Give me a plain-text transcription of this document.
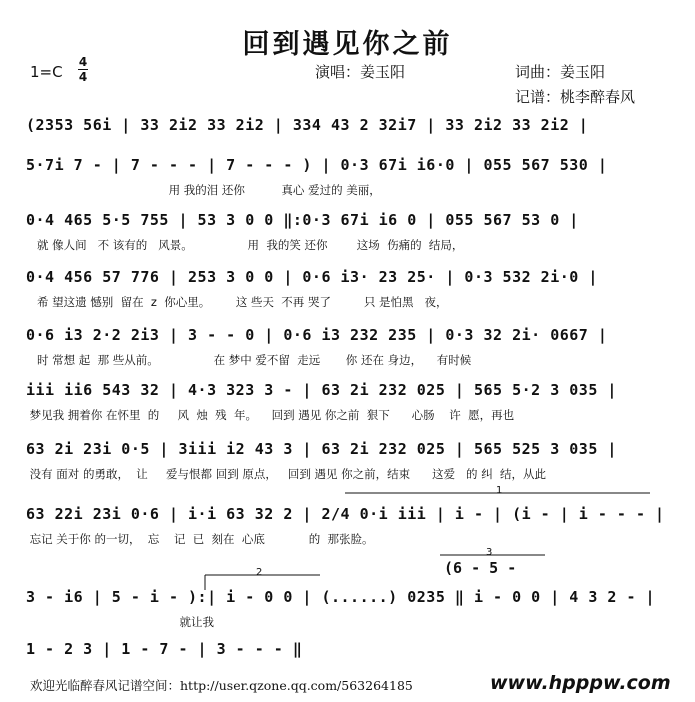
回到遇见你之前
1=C
4
4	演唱：姜玉阳	词曲：姜玉阳
记谱：桃李醉春风
(2353 56i | 33 2i2 33 2i2 | 334 43 2 32i7 | 33 2i2 33 2i2 |
5·7i 7 - | 7 - - - | 7 - - - ) | 0·3 67i i6·0 | 055 567 530 |
用 我的泪 还你          真心 爱过的 美丽，
0·4 465 5·5 755 | 53 3 0 0 ‖:0·3 67i i6 0 | 055 567 53 0 |
就 像人间   不 该有的   风景。               用  我的笑 还你        这场  伤痛的  结局，
0·4 456 57 776 | 253 3 0 0 | 0·6 i3· 23 25· | 0·3 532 2i·0 |
希 望这遗 憾别  留在  z  你心里。       这 些天  不再 哭了         只 是怕黑   夜，
0·6 i3 2·2 2i3 | 3 - - 0 | 0·6 i3 232 235 | 0·3 32 2i· 0667 |
时 常想 起  那 些从前。               在 梦中 爱不留  走远       你 还在 身边，    有时候
iii ii6 543 32 | 4·3 323 3 - | 63 2i 232 025 | 565 5·2 3 035 |
梦见我 拥着你 在怀里  的     风  烛  残  年。    回到 遇见 你之前  狠下      心肠    许  愿，再也
63 2i 23i 0·5 | 3iii i2 43 3 | 63 2i 232 025 | 565 525 3 035 |
没有 面对 的勇敢，  让     爱与恨都 回到 原点，   回到 遇见 你之前，结束      这爱   的 纠  结，从此
63 22i 23i 0·6 | i·i 63 32 2 | 2/4 0·i iii | i - | (i - | i - - - |
忘记 关于你 的一切，  忘    记  已  刻在  心底            的  那张脸。
3 - i6 | 5 - i - ):| i - 0 0 | (......) 0235 ‖ i - 0 0 | 4 3 2 - |
就让我
1 - 2 3 | 1 - 7 - | 3 - - - ‖
1
2
3
(6 - 5 -
欢迎光临醉春风记谱空间：http://user.qzone.qq.com/563264185	www.hpppw.com
